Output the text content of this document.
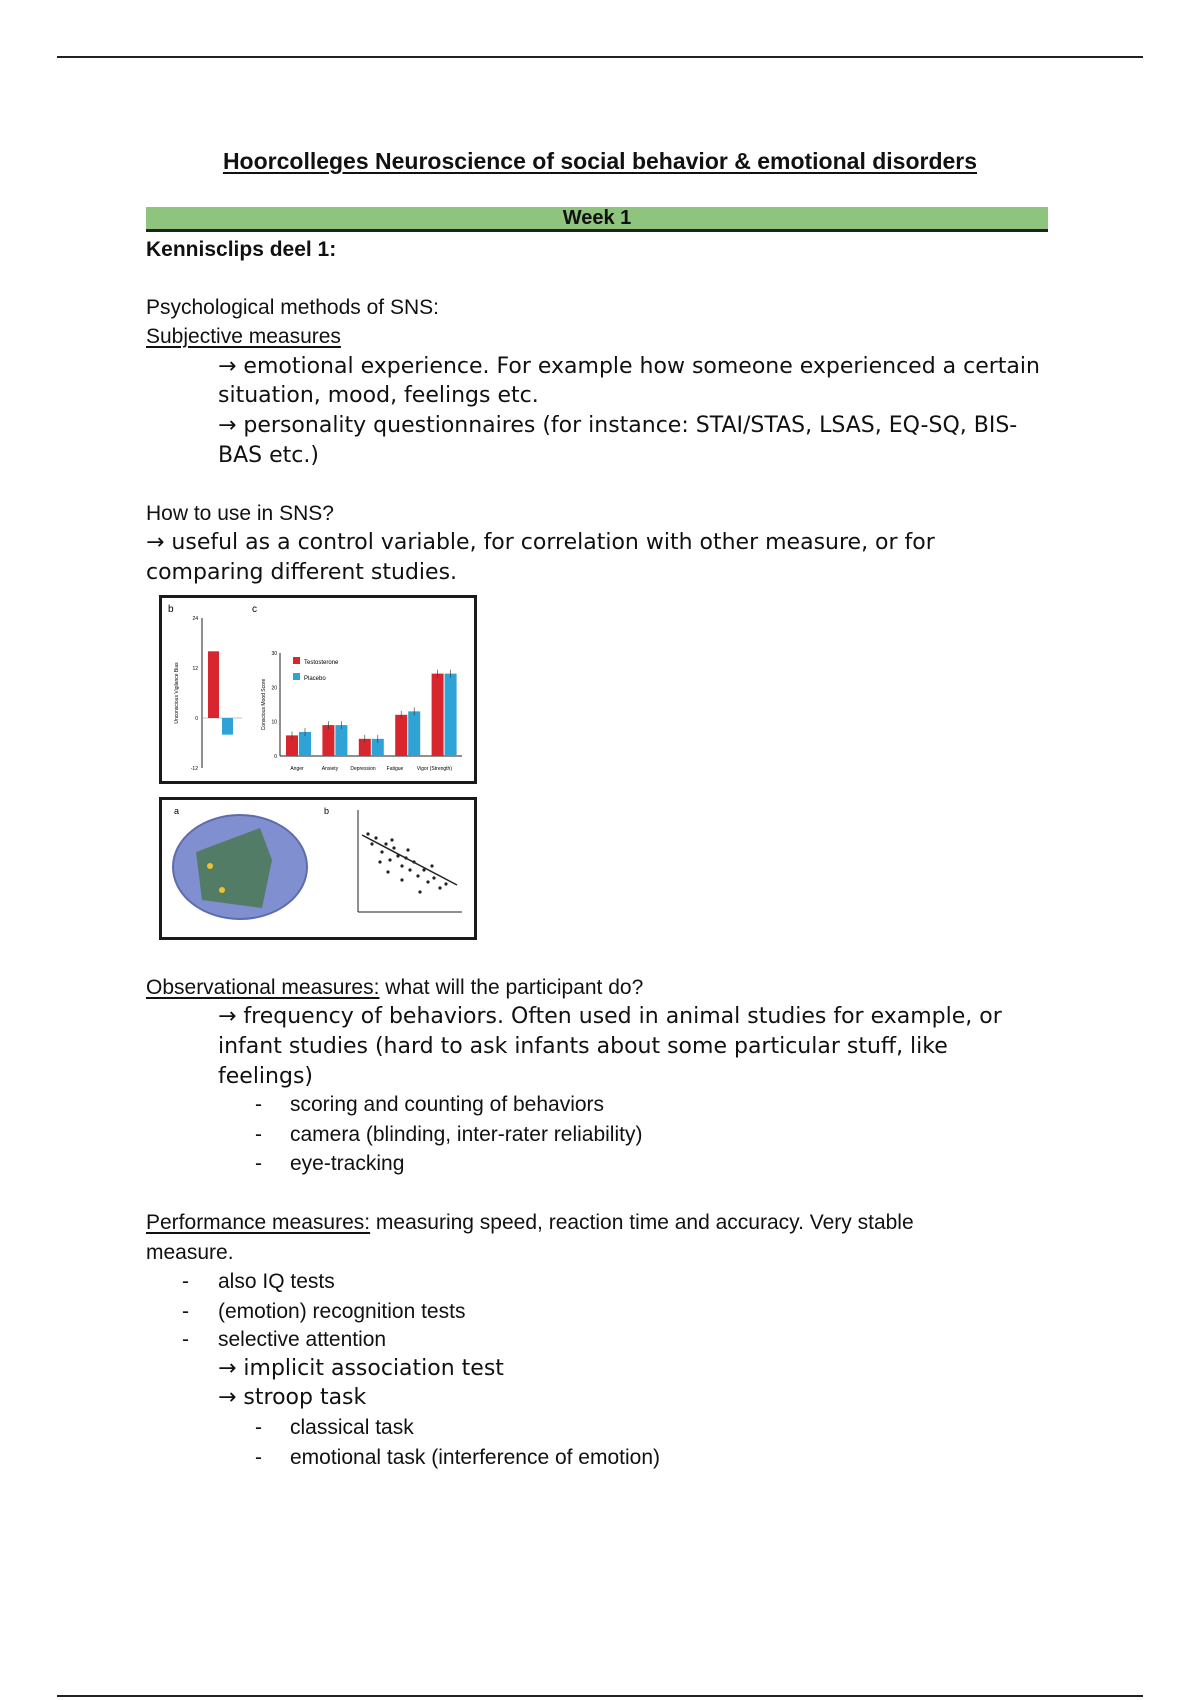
Hoorcolleges Neuroscience of social behavior & emotional disorders
Week 1
Kennisclips deel 1:
Psychological methods of SNS:
Subjective measures
→ emotional experience. For example how someone experienced a certain
situation, mood, feelings etc.
→ personality questionnaires (for instance: STAI/STAS, LSAS, EQ-SQ, BIS-
BAS etc.)
How to use in SNS?
→ useful as a control variable, for correlation with other measure, or for
comparing different studies.
b	c
-12
0
12
24
Unconscious Vigilance Bias
0
10
20
30
Conscious Mood Score
Testosterone
Placebo
Anger	Anxiety Depression Fatigue	Vigor (Strength)
a	b
Observational measures: what will the participant do?
→ frequency of behaviors. Often used in animal studies for example, or
infant studies (hard to ask infants about some particular stuff, like
feelings)
- scoring and counting of behaviors
- camera (blinding, inter-rater reliability)
- eye-tracking
Performance measures: measuring speed, reaction time and accuracy. Very stable
measure.
- also IQ tests
- (emotion) recognition tests
- selective attention
→ implicit association test
→ stroop task
- classical task
- emotional task (interference of emotion)
